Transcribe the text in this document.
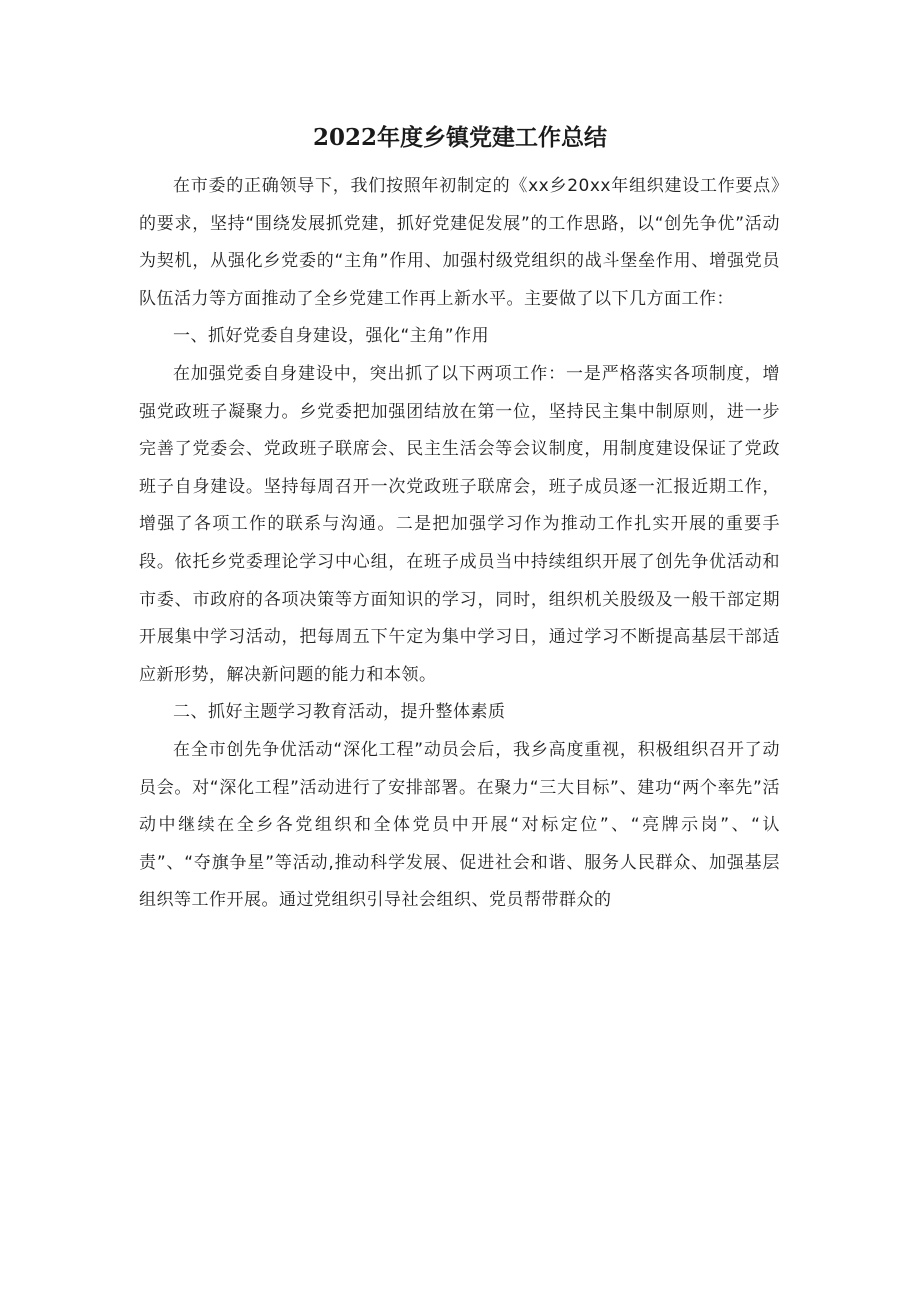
2022年度乡镇党建工作总结

在市委的正确领导下，我们按照年初制定的《xx乡20xx年组织建设工作要点》的要求，坚持“围绕发展抓党建，抓好党建促发展”的工作思路，以“创先争优”活动为契机，从强化乡党委的“主角”作用、加强村级党组织的战斗堡垒作用、增强党员队伍活力等方面推动了全乡党建工作再上新水平。主要做了以下几方面工作：

一、抓好党委自身建设，强化“主角”作用

在加强党委自身建设中，突出抓了以下两项工作：一是严格落实各项制度，增强党政班子凝聚力。乡党委把加强团结放在第一位，坚持民主集中制原则，进一步完善了党委会、党政班子联席会、民主生活会等会议制度，用制度建设保证了党政班子自身建设。坚持每周召开一次党政班子联席会，班子成员逐一汇报近期工作，增强了各项工作的联系与沟通。二是把加强学习作为推动工作扎实开展的重要手段。依托乡党委理论学习中心组，在班子成员当中持续组织开展了创先争优活动和市委、市政府的各项决策等方面知识的学习，同时，组织机关股级及一般干部定期开展集中学习活动，把每周五下午定为集中学习日，通过学习不断提高基层干部适应新形势，解决新问题的能力和本领。

二、抓好主题学习教育活动，提升整体素质

在全市创先争优活动“深化工程”动员会后，我乡高度重视，积极组织召开了动员会。对“深化工程”活动进行了安排部署。在聚力“三大目标”、建功“两个率先”活动中继续在全乡各党组织和全体党员中开展“对标定位”、“亮牌示岗”、“认责”、“夺旗争星”等活动,推动科学发展、促进社会和谐、服务人民群众、加强基层组织等工作开展。通过党组织引导社会组织、党员帮带群众的
